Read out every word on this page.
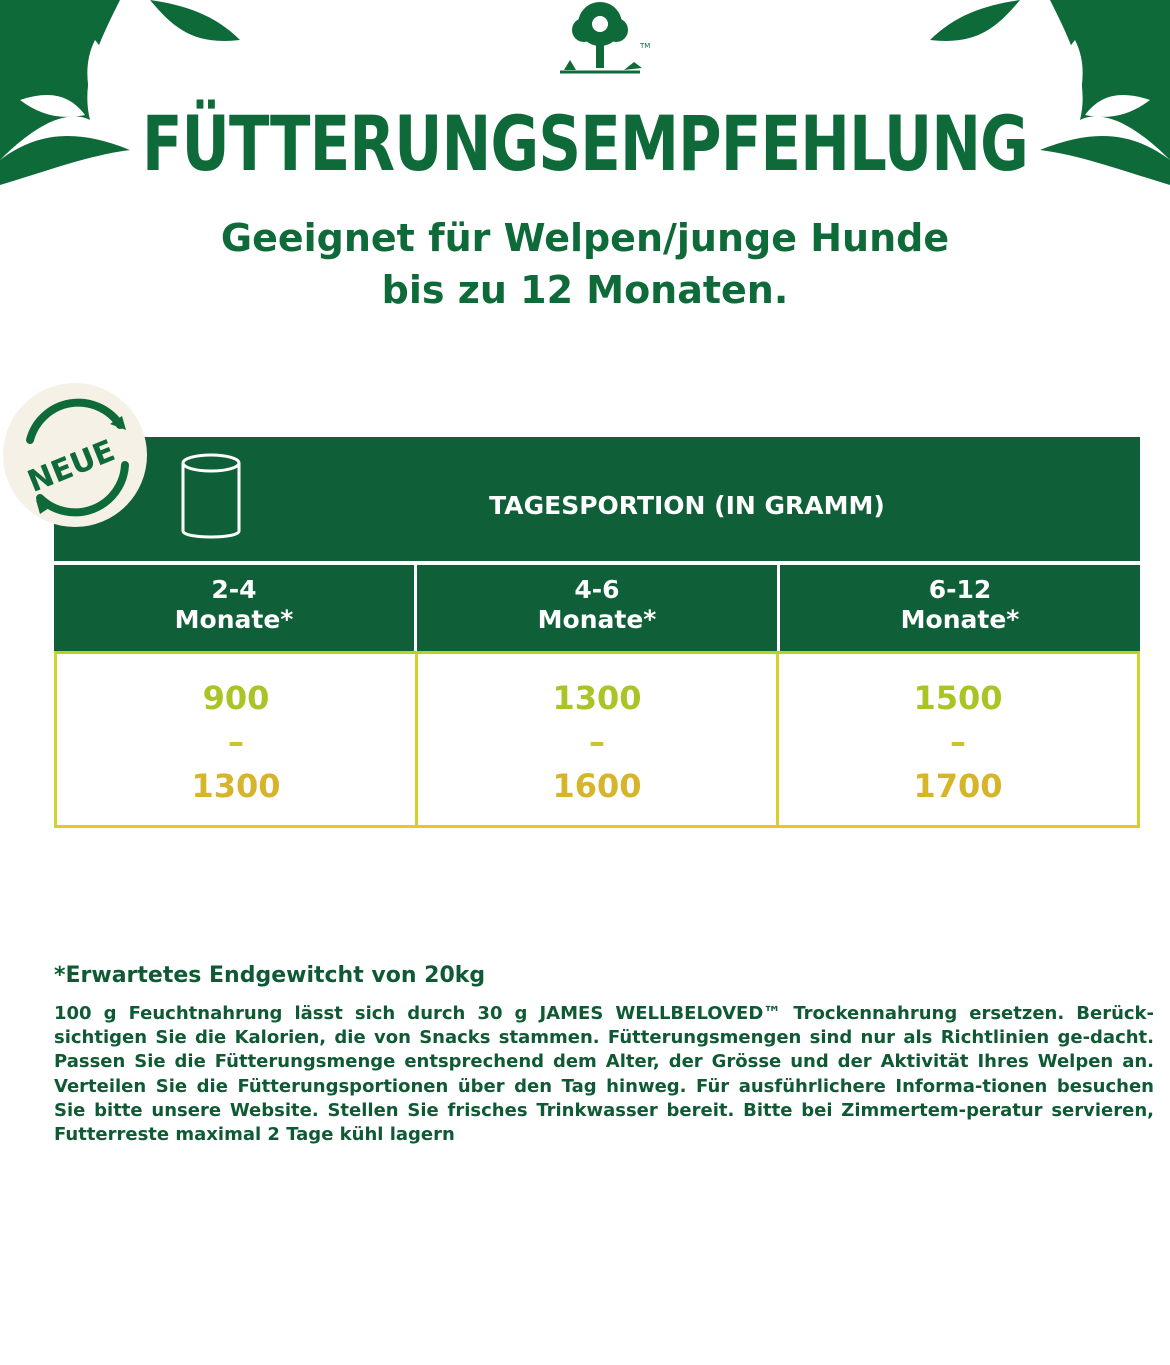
TM
FÜTTERUNGSEMPFEHLUNG
Geeignet für Welpen/junge Hunde
bis zu 12 Monaten.
TAGESPORTION (IN GRAMM)
NEUE
2-4
Monate*
4-6
Monate*
6-12
Monate*
900
–
1300
1300
–
1600
1500
–
1700
*Erwartetes Endgewitcht von 20kg
100 g Feuchtnahrung lässt sich durch 30 g JAMES WELLBELOVED™ Trockennahrung ersetzen. Berück-sichtigen Sie die Kalorien, die von Snacks stammen. Fütterungsmengen sind nur als Richtlinien ge-dacht. Passen Sie die Fütterungsmenge entsprechend dem Alter, der Grösse und der Aktivität Ihres Welpen an. Verteilen Sie die Fütterungsportionen über den Tag hinweg. Für ausführlichere Informa-tionen besuchen Sie bitte unsere Website. Stellen Sie frisches Trinkwasser bereit. Bitte bei Zimmertem-peratur servieren, Futterreste maximal 2 Tage kühl lagern
